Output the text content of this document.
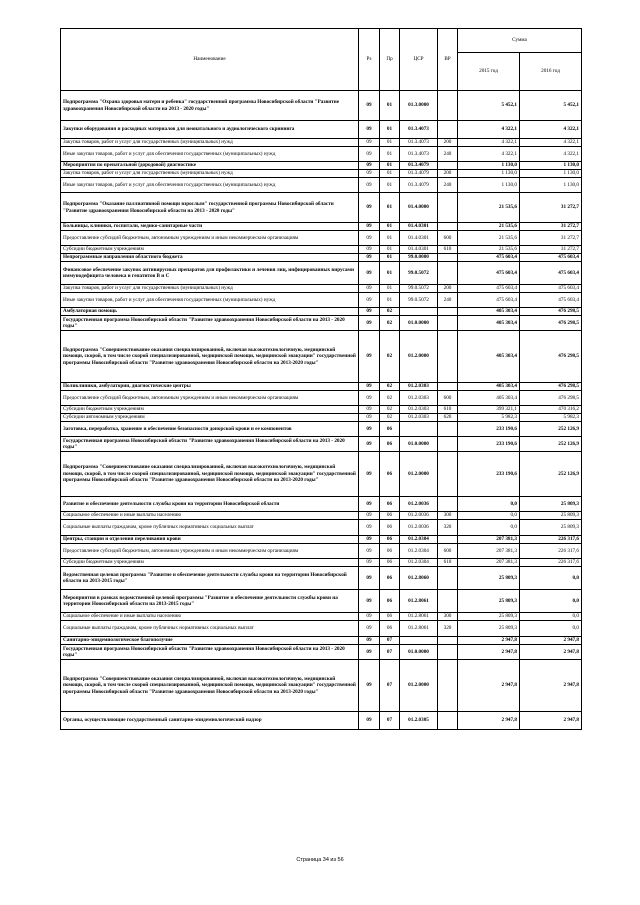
Наименование	Рз	Пр	ЦСР	ВР	Сумма	
					2015 год	2016 год
Подпрограмма "Охрана здоровья матери и ребенка" государственной программы Новосибирской области "Развитие здравоохранения Новосибирской области на 2013 - 2020 годы"	09	01	01.3.0000		5 452,1	5 452,1
Закупки оборудования и расходных материалов для неонатального и аудиологического скрининга	09	01	01.3.4073		4 322,1	4 322,1
Закупка товаров, работ и услуг для государственных (муниципальных) нужд	09	01	01.3.4073	200	4 322,1	4 322,1
Иные закупки товаров, работ и услуг для обеспечения государственных (муниципальных) нужд	09	01	01.3.4073	240	4 322,1	4 322,1
Мероприятия по пренатальной (дородовой) диагностике	09	01	01.3.4079		1 130,0	1 130,0
Закупка товаров, работ и услуг для государственных (муниципальных) нужд	09	01	01.3.4079	200	1 130,0	1 130,0
Иные закупки товаров, работ и услуг для обеспечения государственных (муниципальных) нужд	09	01	01.3.4079	240	1 130,0	1 130,0
Подпрограмма "Оказание паллиативной помощи взрослым" государственной программы Новосибирской области "Развитие здравоохранения Новосибирской области на 2013 - 2020 годы"	09	01	01.4.0000		21 535,6	31 272,7
Больницы, клиники, госпитали, медико-санитарные части	09	01	01.4.0301		21 535,6	31 272,7
Предоставление субсидий бюджетным, автономным учреждениям и иным некоммерческим организациям	09	01	01.4.0301	600	21 535,6	31 272,7
Субсидии бюджетным учреждениям	09	01	01.4.0301	610	21 535,6	31 272,7
Непрограммные направления областного бюджета	09	01	99.0.0000		475 603,4	475 603,4
Финансовое обеспечение закупок антивирусных препаратов для профилактики и лечения лиц, инфицированных вирусами иммунодефицита человека и гепатитов В и С	09	01	99.0.5072		475 603,4	475 603,4
Закупка товаров, работ и услуг для государственных (муниципальных) нужд	09	01	99.0.5072	200	475 603,4	475 603,4
Иные закупки товаров, работ и услуг для обеспечения государственных (муниципальных) нужд	09	01	99.0.5072	240	475 603,4	475 603,4
Амбулаторная помощь	09	02			405 303,4	476 298,5
Государственная программа Новосибирской области "Развитие здравоохранения Новосибирской области на 2013 - 2020 годы"	09	02	01.0.0000		405 303,4	476 298,5
Подпрограмма "Совершенствование оказания специализированной, включая высокотехнологичную, медицинской помощи, скорой, в том числе скорой специализированной, медицинской помощи, медицинской эвакуации" государственной программы Новосибирской области "Развитие здравоохранения Новосибирской области на 2013-2020 годы"	09	02	01.2.0000		405 303,4	476 298,5
Поликлиники, амбулатории, диагностические центры	09	02	01.2.0303		405 303,4	476 298,5
Предоставление субсидий бюджетным, автономным учреждениям и иным некоммерческим организациям	09	02	01.2.0303	600	405 303,4	476 298,5
Субсидии бюджетным учреждениям	09	02	01.2.0303	610	399 321,1	470 316,2
Субсидии автономным учреждениям	09	02	01.2.0303	620	5 982,3	5 982,3
Заготовка, переработка, хранение и обеспечение безопасности донорской крови и ее компонентов	09	06			233 190,6	252 126,9
Государственная программа Новосибирской области "Развитие здравоохранения Новосибирской области на 2013 - 2020 годы"	09	06	01.0.0000		233 190,6	252 126,9
Подпрограмма "Совершенствование оказания специализированной, включая высокотехнологичную, медицинской помощи, скорой, в том числе скорой специализированной, медицинской помощи, медицинской эвакуации" государственной программы Новосибирской области "Развитие здравоохранения Новосибирской области на 2013-2020 годы"	09	06	01.2.0000		233 190,6	252 126,9
Развитие и обеспечение деятельности службы крови на территории Новосибирской области	09	06	01.2.0036		0,0	25 809,3
Социальное обеспечение и иные выплаты населению	09	06	01.2.0036	300	0,0	25 809,3
Социальные выплаты гражданам, кроме публичных нормативных социальных выплат	09	06	01.2.0036	320	0,0	25 809,3
Центры, станции и отделения переливания крови	09	06	01.2.0304		207 381,3	226 317,6
Предоставление субсидий бюджетным, автономным учреждениям и иным некоммерческим организациям	09	06	01.2.0304	600	207 381,3	226 317,6
Субсидии бюджетным учреждениям	09	06	01.2.0304	610	207 381,3	226 317,6
Ведомственная целевая программа "Развитие и обеспечение деятельности службы крови на территории Новосибирской области на 2013-2015 годы"	09	06	01.2.8060		25 809,3	0,0
Мероприятия в рамках ведомственной целевой программы "Развитие и обеспечение деятельности службы крови на территории Новосибирской области на 2013-2015 годы"	09	06	01.2.8061		25 809,3	0,0
Социальное обеспечение и иные выплаты населению	09	06	01.2.8061	300	25 809,3	0,0
Социальные выплаты гражданам, кроме публичных нормативных социальных выплат	09	06	01.2.8061	320	25 809,3	0,0
Санитарно-эпидемиологическое благополучие	09	07			2 947,8	2 947,8
Государственная программа Новосибирской области "Развитие здравоохранения Новосибирской области на 2013 - 2020 годы"	09	07	01.0.0000		2 947,8	2 947,8
Подпрограмма "Совершенствование оказания специализированной, включая высокотехнологичную, медицинской помощи, скорой, в том числе скорой специализированной, медицинской помощи, медицинской эвакуации" государственной программы Новосибирской области "Развитие здравоохранения Новосибирской области на 2013-2020 годы"	09	07	01.2.0000		2 947,8	2 947,8
Органы, осуществляющие государственный санитарно-эпидемиологический надзор	09	07	01.2.0305		2 947,8	2 947,8
Страница 34 из 56
